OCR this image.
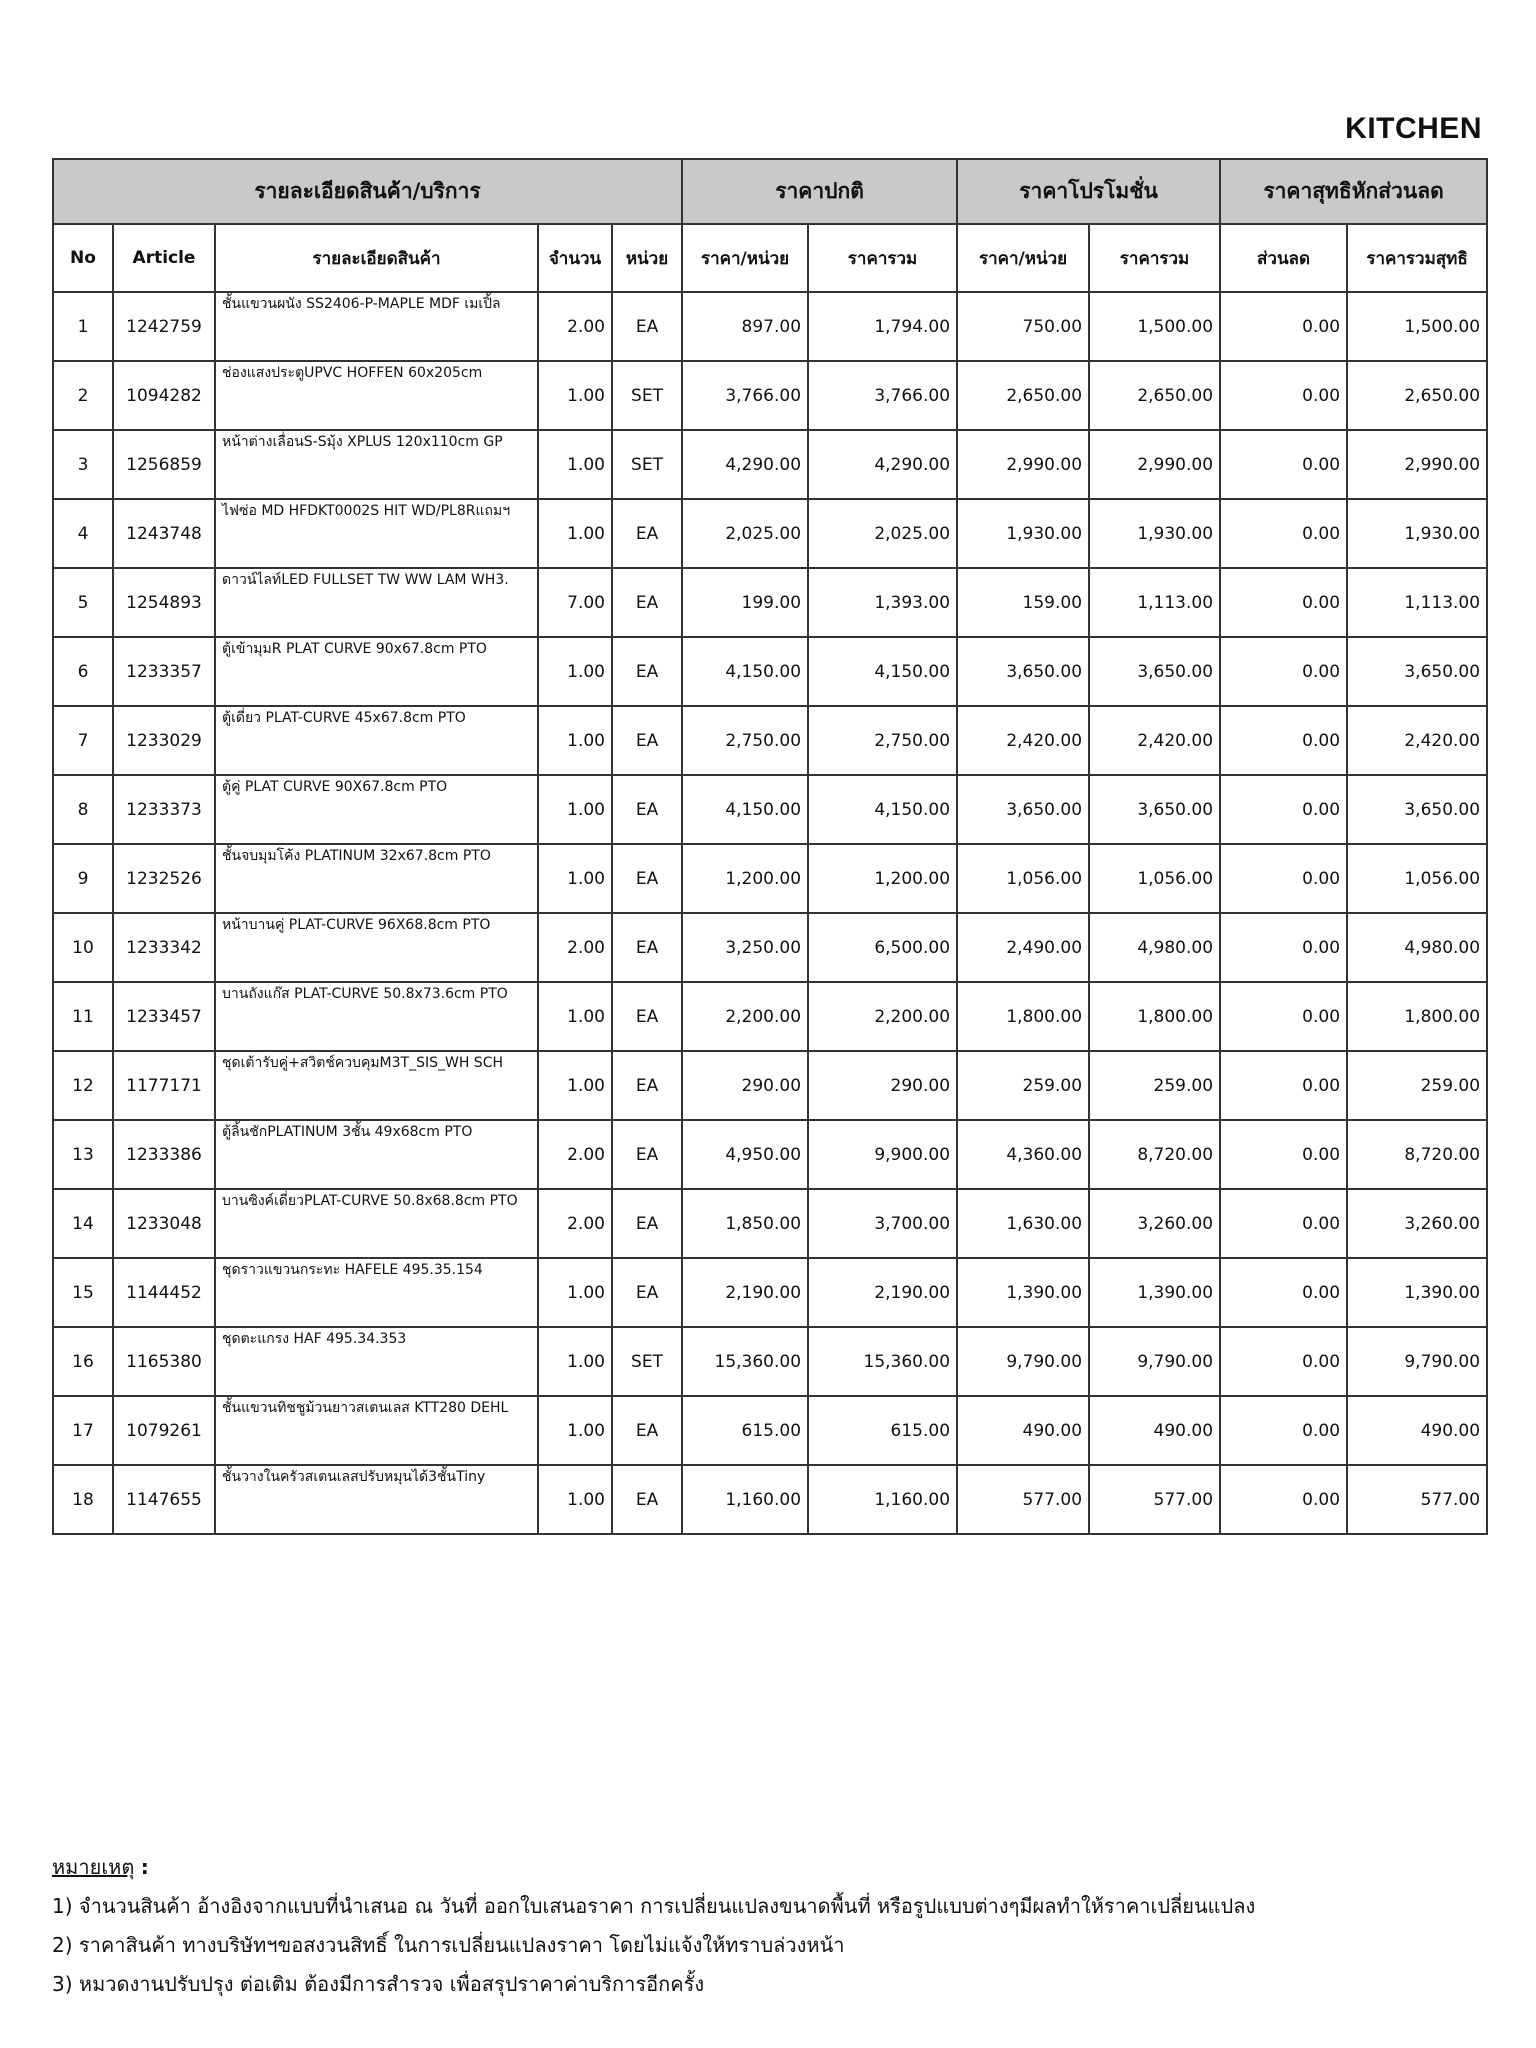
KITCHEN
รายละเอียดสินค้า/บริการ					ราคาปกติ		ราคาโปรโมชั่น		ราคาสุทธิหักส่วนลด	
No	Article	รายละเอียดสินค้า	จำนวน	หน่วย	ราคา/หน่วย	ราคารวม	ราคา/หน่วย	ราคารวม	ส่วนลด	ราคารวมสุทธิ
1	1242759	ชั้นแขวนผนัง SS2406-P-MAPLE MDF เมเปิ้ล	2.00	EA	897.00	1,794.00	750.00	1,500.00	0.00	1,500.00
2	1094282	ช่องแสงประตูUPVC HOFFEN 60x205cm	1.00	SET	3,766.00	3,766.00	2,650.00	2,650.00	0.00	2,650.00
3	1256859	หน้าต่างเลื่อนS-Sมุ้ง XPLUS 120x110cm GP	1.00	SET	4,290.00	4,290.00	2,990.00	2,990.00	0.00	2,990.00
4	1243748	ไฟซ่อ MD HFDKT0002S HIT WD/PL8Rแถมฯ	1.00	EA	2,025.00	2,025.00	1,930.00	1,930.00	0.00	1,930.00
5	1254893	ดาวน์ไลท์LED FULLSET TW WW LAM WH3.	7.00	EA	199.00	1,393.00	159.00	1,113.00	0.00	1,113.00
6	1233357	ตู้เข้ามุมR PLAT CURVE 90x67.8cm PTO	1.00	EA	4,150.00	4,150.00	3,650.00	3,650.00	0.00	3,650.00
7	1233029	ตู้เดี่ยว PLAT-CURVE 45x67.8cm PTO	1.00	EA	2,750.00	2,750.00	2,420.00	2,420.00	0.00	2,420.00
8	1233373	ตู้คู่ PLAT CURVE 90X67.8cm PTO	1.00	EA	4,150.00	4,150.00	3,650.00	3,650.00	0.00	3,650.00
9	1232526	ชั้นจบมุมโค้ง PLATINUM 32x67.8cm PTO	1.00	EA	1,200.00	1,200.00	1,056.00	1,056.00	0.00	1,056.00
10	1233342	หน้าบานคู่ PLAT-CURVE 96X68.8cm PTO	2.00	EA	3,250.00	6,500.00	2,490.00	4,980.00	0.00	4,980.00
11	1233457	บานถังแก๊ส PLAT-CURVE 50.8x73.6cm PTO	1.00	EA	2,200.00	2,200.00	1,800.00	1,800.00	0.00	1,800.00
12	1177171	ชุดเต้ารับคู่+สวิตช์ควบคุมM3T_SIS_WH SCH	1.00	EA	290.00	290.00	259.00	259.00	0.00	259.00
13	1233386	ตู้ลิ้นชักPLATINUM 3ชั้น 49x68cm PTO	2.00	EA	4,950.00	9,900.00	4,360.00	8,720.00	0.00	8,720.00
14	1233048	บานซิงค์เดี่ยวPLAT-CURVE 50.8x68.8cm PTO	2.00	EA	1,850.00	3,700.00	1,630.00	3,260.00	0.00	3,260.00
15	1144452	ชุดราวแขวนกระทะ HAFELE 495.35.154	1.00	EA	2,190.00	2,190.00	1,390.00	1,390.00	0.00	1,390.00
16	1165380	ชุดตะแกรง HAF 495.34.353	1.00	SET	15,360.00	15,360.00	9,790.00	9,790.00	0.00	9,790.00
17	1079261	ชั้นแขวนทิชชูม้วนยาวสเตนเลส KTT280 DEHL	1.00	EA	615.00	615.00	490.00	490.00	0.00	490.00
18	1147655	ชั้นวางในครัวสเตนเลสปรับหมุนได้3ชั้นTiny	1.00	EA	1,160.00	1,160.00	577.00	577.00	0.00	577.00
หมายเหตุ :
1) จำนวนสินค้า อ้างอิงจากแบบที่นำเสนอ ณ วันที่ ออกใบเสนอราคา การเปลี่ยนแปลงขนาดพื้นที่ หรือรูปแบบต่างๆมีผลทำให้ราคาเปลี่ยนแปลง
2) ราคาสินค้า ทางบริษัทฯขอสงวนสิทธิ์ ในการเปลี่ยนแปลงราคา โดยไม่แจ้งให้ทราบล่วงหน้า
3) หมวดงานปรับปรุง ต่อเติม ต้องมีการสำรวจ เพื่อสรุปราคาค่าบริการอีกครั้ง
